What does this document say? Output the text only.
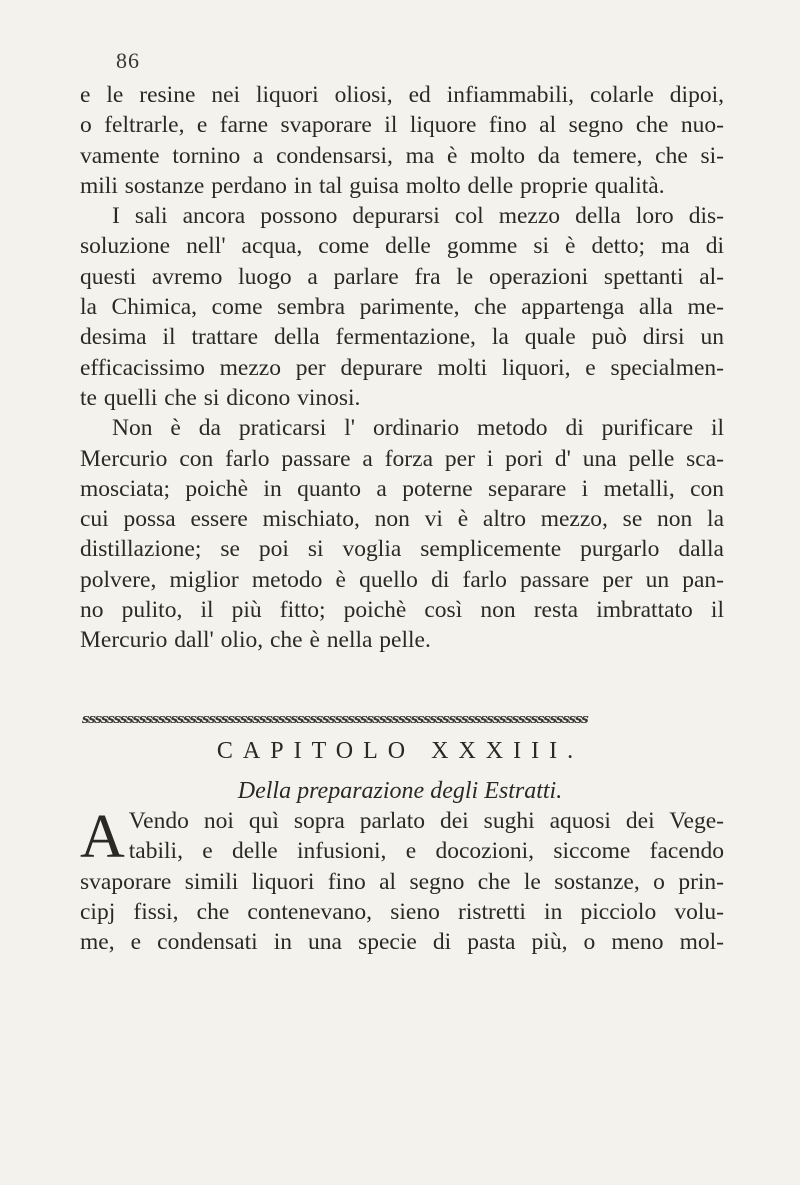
86
e le resine nei liquori oliosi, ed infiammabili, colarle dipoi,
o feltrarle, e farne svaporare il liquore fino al segno che nuo-
vamente tornino a condensarsi, ma è molto da temere, che si-
mili sostanze perdano in tal guisa molto delle proprie qualità.
I sali ancora possono depurarsi col mezzo della loro dis-
soluzione nell' acqua, come delle gomme si è detto; ma di
questi avremo luogo a parlare fra le operazioni spettanti al-
la Chimica, come sembra parimente, che appartenga alla me-
desima il trattare della fermentazione, la quale può dirsi un
efficacissimo mezzo per depurare molti liquori, e specialmen-
te quelli che si dicono vinosi.
Non è da praticarsi l' ordinario metodo di purificare il
Mercurio con farlo passare a forza per i pori d' una pelle sca-
mosciata; poichè in quanto a poterne separare i metalli, con
cui possa essere mischiato, non vi è altro mezzo, se non la
distillazione; se poi si voglia semplicemente purgarlo dalla
polvere, miglior metodo è quello di farlo passare per un pan-
no pulito, il più fitto; poichè così non resta imbrattato il
Mercurio dall' olio, che è nella pelle.
ꜱꜱꜱꜱꜱꜱꜱꜱꜱꜱꜱꜱꜱꜱꜱꜱꜱꜱꜱꜱꜱꜱꜱꜱꜱꜱꜱꜱꜱꜱꜱꜱꜱꜱꜱꜱꜱꜱꜱꜱꜱꜱꜱꜱꜱꜱꜱꜱꜱꜱꜱꜱꜱꜱꜱꜱꜱꜱꜱꜱꜱꜱꜱꜱꜱꜱꜱꜱꜱꜱꜱꜱꜱꜱꜱꜱꜱꜱꜱꜱ
CAPITOLO XXXIII.
Della preparazione degli Estratti.
A Vendo noi quì sopra parlato dei sughi aquosi dei Vege-
tabili, e delle infusioni, e docozioni, siccome facendo
svaporare simili liquori fino al segno che le sostanze, o prin-
cipj fissi, che contenevano, sieno ristretti in picciolo volu-
me, e condensati in una specie di pasta più, o meno mol-
